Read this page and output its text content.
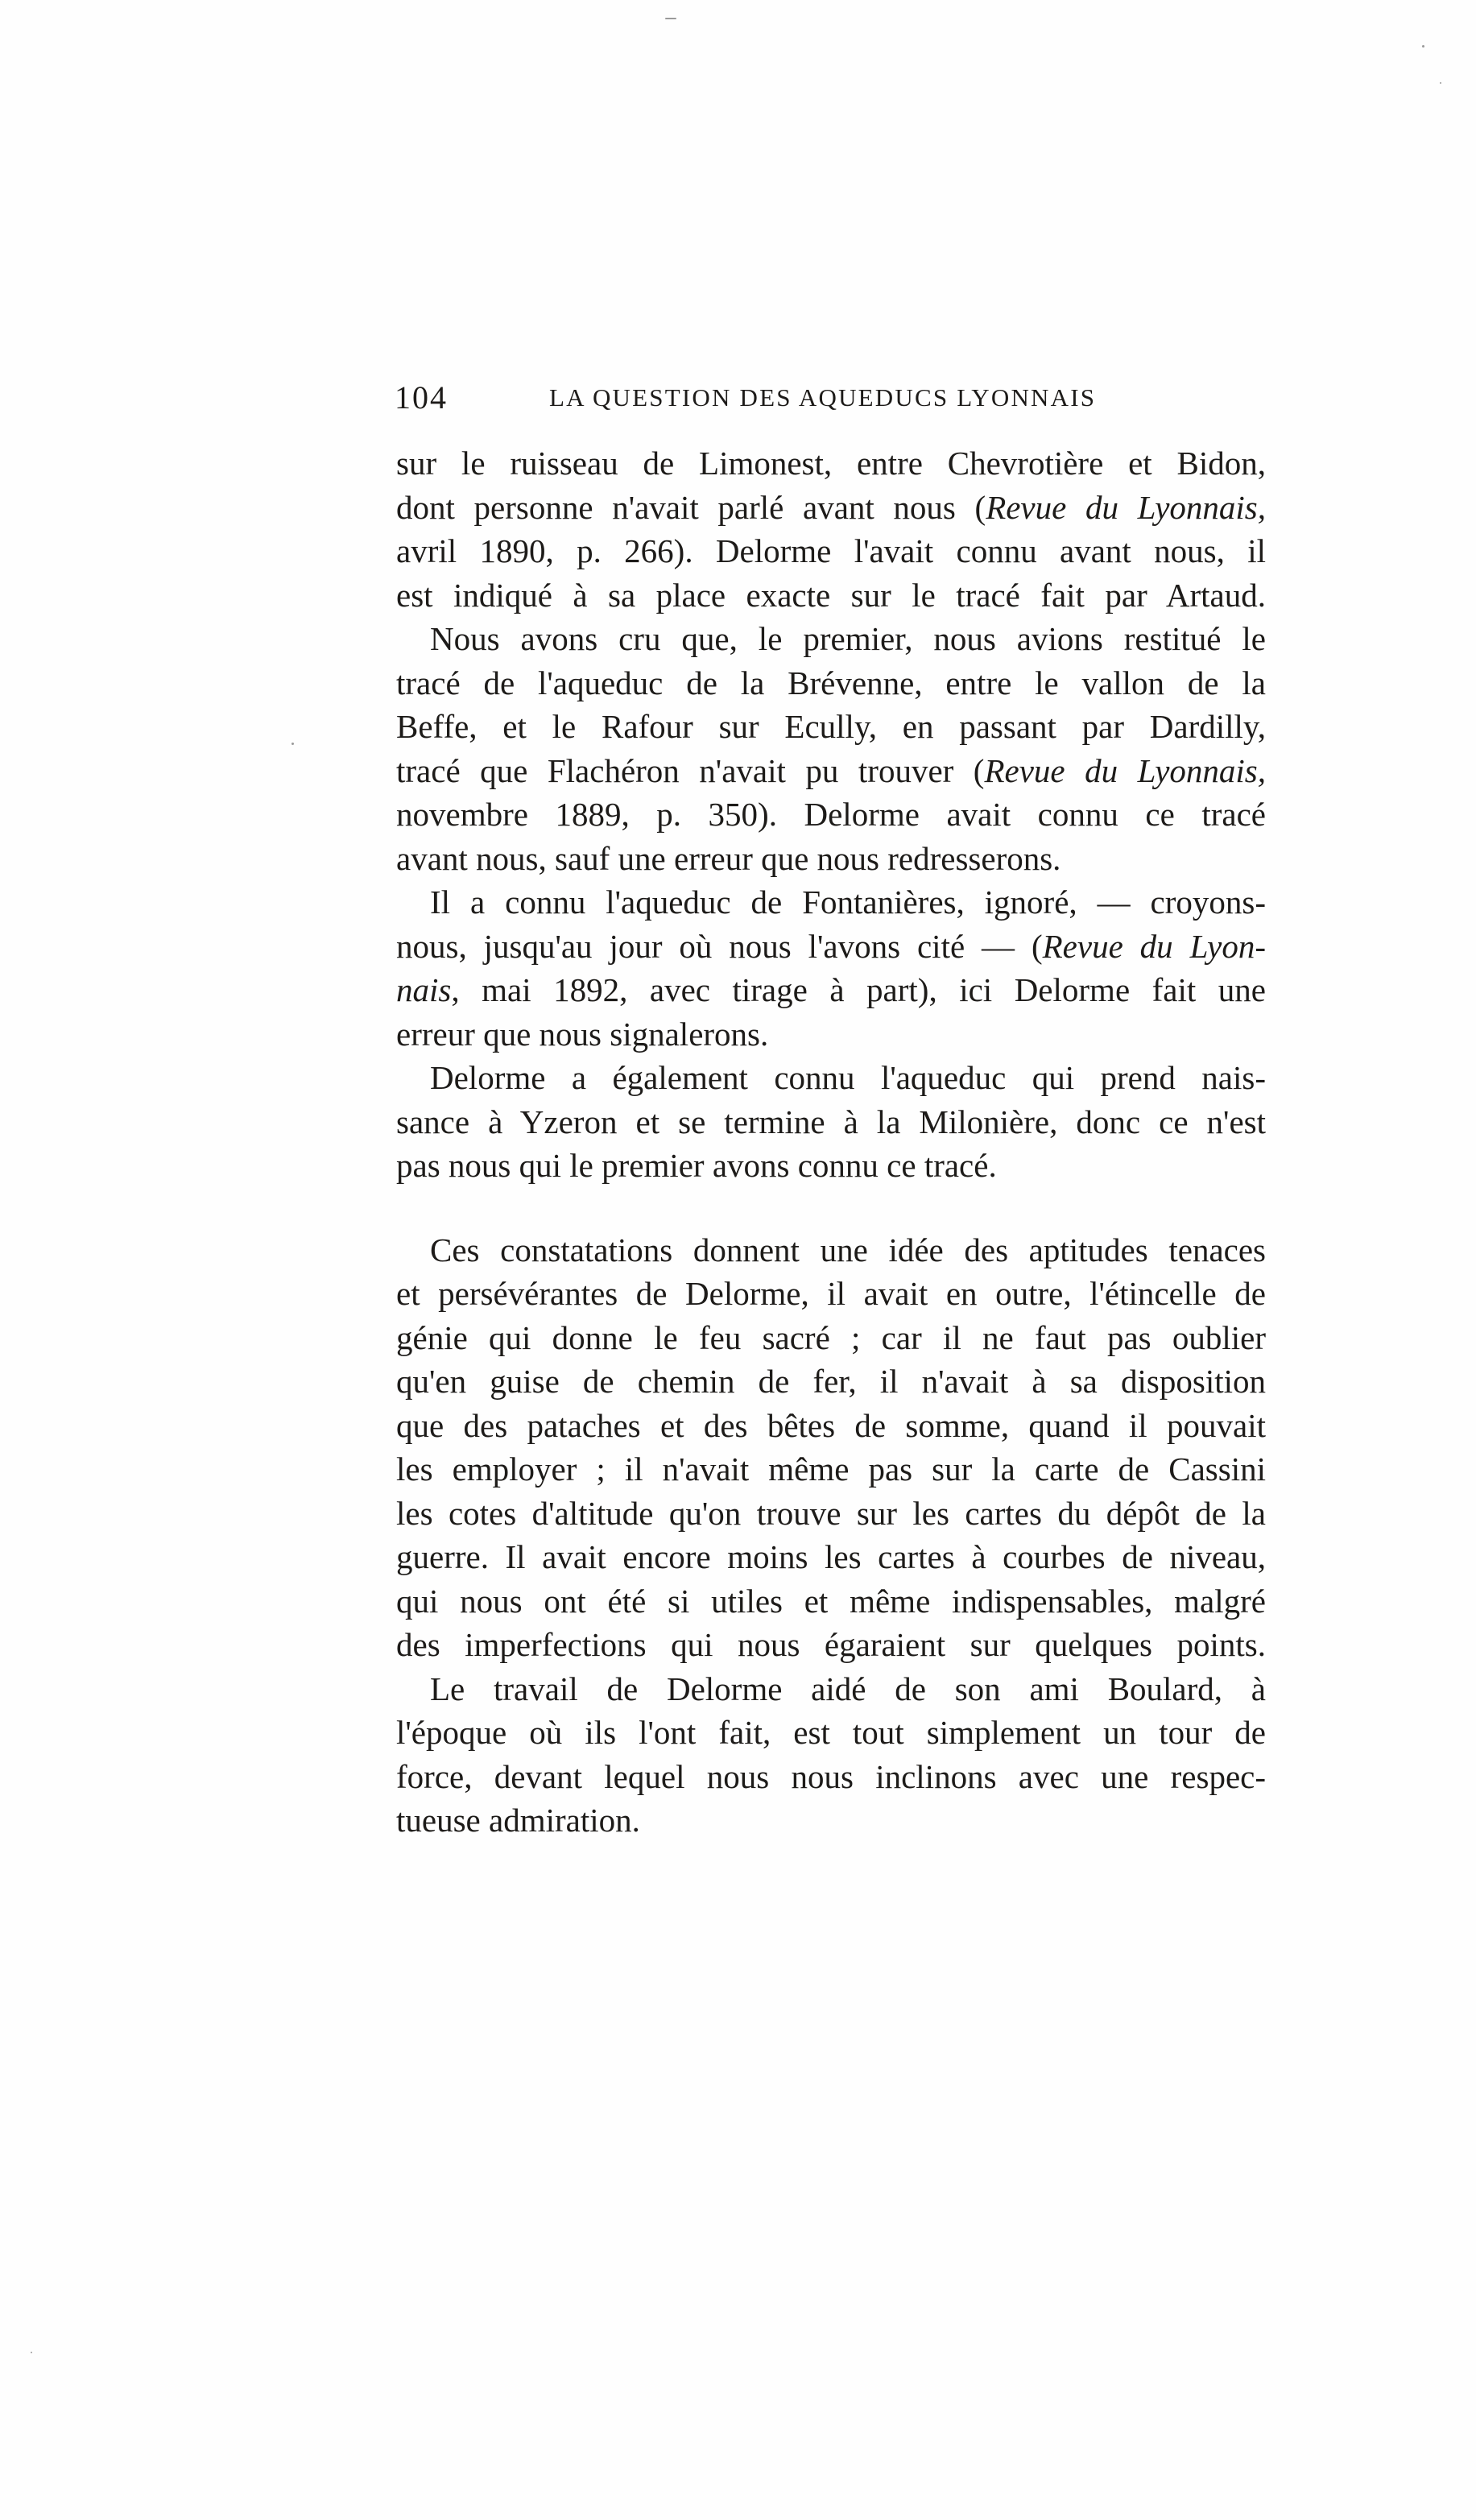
104	LA QUESTION DES AQUEDUCS LYONNAIS
sur le ruisseau de Limonest, entre Chevrotière et Bidon,
dont personne n'avait parlé avant nous (Revue du Lyonnais,
avril 1890, p. 266). Delorme l'avait connu avant nous, il
est indiqué à sa place exacte sur le tracé fait par Artaud.
Nous avons cru que, le premier, nous avions restitué le
tracé de l'aqueduc de la Brévenne, entre le vallon de la
Beffe, et le Rafour sur Ecully, en passant par Dardilly,
tracé que Flachéron n'avait pu trouver (Revue du Lyonnais,
novembre 1889, p. 350). Delorme avait connu ce tracé
avant nous, sauf une erreur que nous redresserons.
Il a connu l'aqueduc de Fontanières, ignoré, — croyons-
nous, jusqu'au jour où nous l'avons cité — (Revue du Lyon-
nais, mai 1892, avec tirage à part), ici Delorme fait une
erreur que nous signalerons.
Delorme a également connu l'aqueduc qui prend nais-
sance à Yzeron et se termine à la Milonière, donc ce n'est
pas nous qui le premier avons connu ce tracé.
Ces constatations donnent une idée des aptitudes tenaces
et persévérantes de Delorme, il avait en outre, l'étincelle de
génie qui donne le feu sacré ; car il ne faut pas oublier
qu'en guise de chemin de fer, il n'avait à sa disposition
que des pataches et des bêtes de somme, quand il pouvait
les employer ; il n'avait même pas sur la carte de Cassini
les cotes d'altitude qu'on trouve sur les cartes du dépôt de la
guerre. Il avait encore moins les cartes à courbes de niveau,
qui nous ont été si utiles et même indispensables, malgré
des imperfections qui nous égaraient sur quelques points.
Le travail de Delorme aidé de son ami Boulard, à
l'époque où ils l'ont fait, est tout simplement un tour de
force, devant lequel nous nous inclinons avec une respec-
tueuse admiration.
